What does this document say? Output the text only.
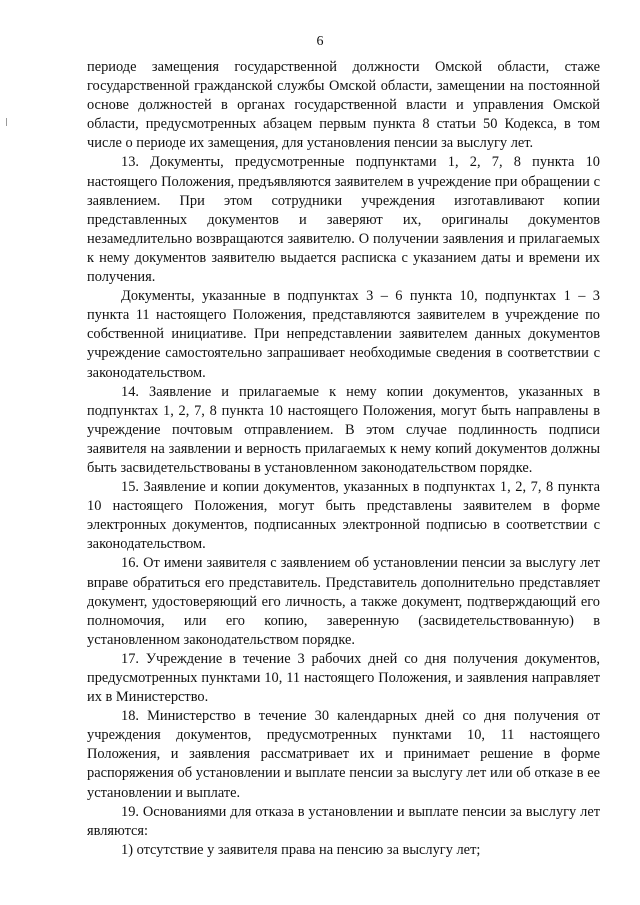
6

периоде замещения государственной должности Омской области, стаже государственной гражданской службы Омской области, замещении на постоянной основе должностей в органах государственной власти и управления Омской области, предусмотренных абзацем первым пункта 8 статьи 50 Кодекса, в том числе о периоде их замещения, для установления пенсии за выслугу лет.

13. Документы, предусмотренные подпунктами 1, 2, 7, 8 пункта 10 настоящего Положения, предъявляются заявителем в учреждение при обращении с заявлением. При этом сотрудники учреждения изготавливают копии представленных документов и заверяют их, оригиналы документов незамедлительно возвращаются заявителю. О получении заявления и прилагаемых к нему документов заявителю выдается расписка с указанием даты и времени их получения.

Документы, указанные в подпунктах 3 – 6 пункта 10, подпунктах 1 – 3 пункта 11 настоящего Положения, представляются заявителем в учреждение по собственной инициативе. При непредставлении заявителем данных документов учреждение самостоятельно запрашивает необходимые сведения в соответствии с законодательством.

14. Заявление и прилагаемые к нему копии документов, указанных в подпунктах 1, 2, 7, 8 пункта 10 настоящего Положения, могут быть направлены в учреждение почтовым отправлением. В этом случае подлинность подписи заявителя на заявлении и верность прилагаемых к нему копий документов должны быть засвидетельствованы в установленном законодательством порядке.

15. Заявление и копии документов, указанных в подпунктах 1, 2, 7, 8 пункта 10 настоящего Положения, могут быть представлены заявителем в форме электронных документов, подписанных электронной подписью в соответствии с законодательством.

16. От имени заявителя с заявлением об установлении пенсии за выслугу лет вправе обратиться его представитель. Представитель дополнительно представляет документ, удостоверяющий его личность, а также документ, подтверждающий его полномочия, или его копию, заверенную (засвидетельствованную) в установленном законодательством порядке.

17. Учреждение в течение 3 рабочих дней со дня получения документов, предусмотренных пунктами 10, 11 настоящего Положения, и заявления направляет их в Министерство.

18. Министерство в течение 30 календарных дней со дня получения от учреждения документов, предусмотренных пунктами 10, 11 настоящего Положения, и заявления рассматривает их и принимает решение в форме распоряжения об установлении и выплате пенсии за выслугу лет или об отказе в ее установлении и выплате.

19. Основаниями для отказа в установлении и выплате пенсии за выслугу лет являются:

1) отсутствие у заявителя права на пенсию за выслугу лет;
